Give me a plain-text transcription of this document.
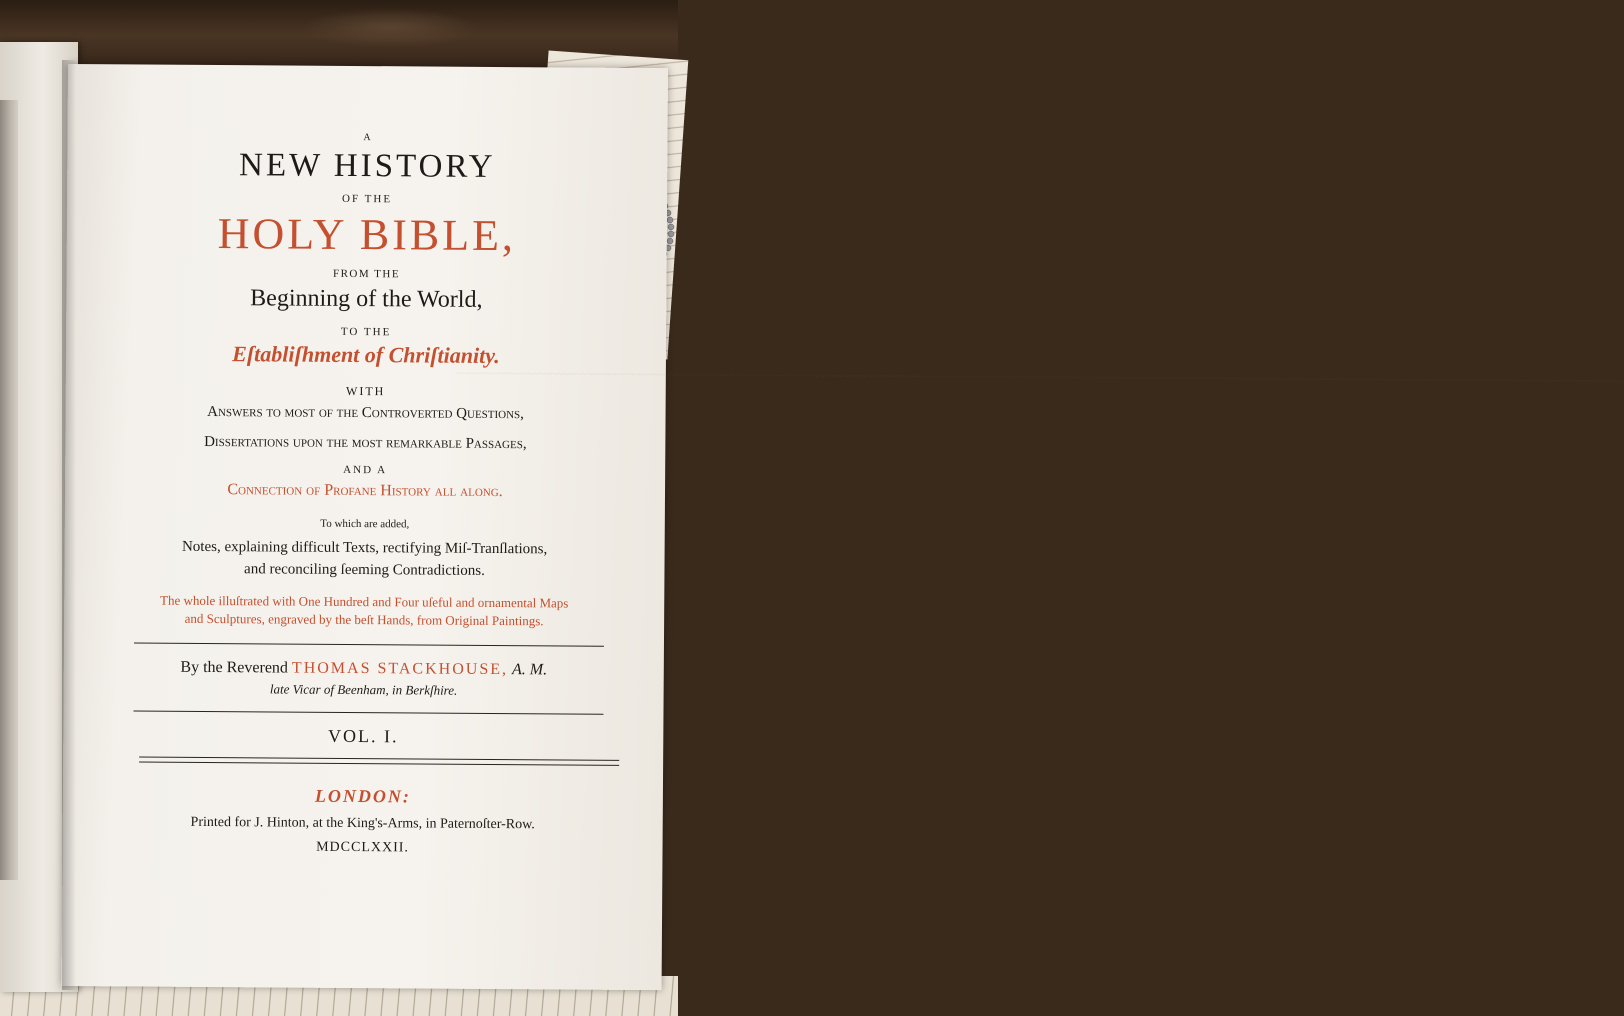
~~~~~~~~~~~~~~~~~~~~~~~~~~~~~~~~~~~~~~~~~~~~~~~~~~~~~~~~~~~~~~~~~~~~~~~~~~~~~~~~~~~~~~~~~~~~~~~~~~~~~~~~~~~~~~~~~~~~~~~~~~~~~~~~~~~~~~~~~~~~~~~~~~~~~~~~~~~~~~~~~~~~~~~~~~~~~~~~~~~~~~~~~~~~~~~~~~~~
A
NEW HISTORY
OF THE
HOLY BIBLE,
FROM THE
Beginning of the World,
TO THE
Eſtabliſhment of Chriſtianity.
WITH
Answers to moſt of the Controverted Questions,
Dissertations upon the moſt remarkable Passages,
AND A
Connection of Profane History all along.
To which are added,
Notes, explaining difficult Texts, rectifying Miſ-Tranſlations,
and reconciling ſeeming Contradictions.
The whole illuſtrated with One Hundred and Four uſeful and ornamental Maps
and Sculptures, engraved by the beſt Hands, from Original Paintings.
By the Reverend THOMAS STACKHOUSE, A. M.
late Vicar of Beenham, in Berkſhire.
VOL. I.
LONDON:
Printed for J. Hinton, at the King's-Arms, in Paternoſter-Row.
MDCCLXXII.
